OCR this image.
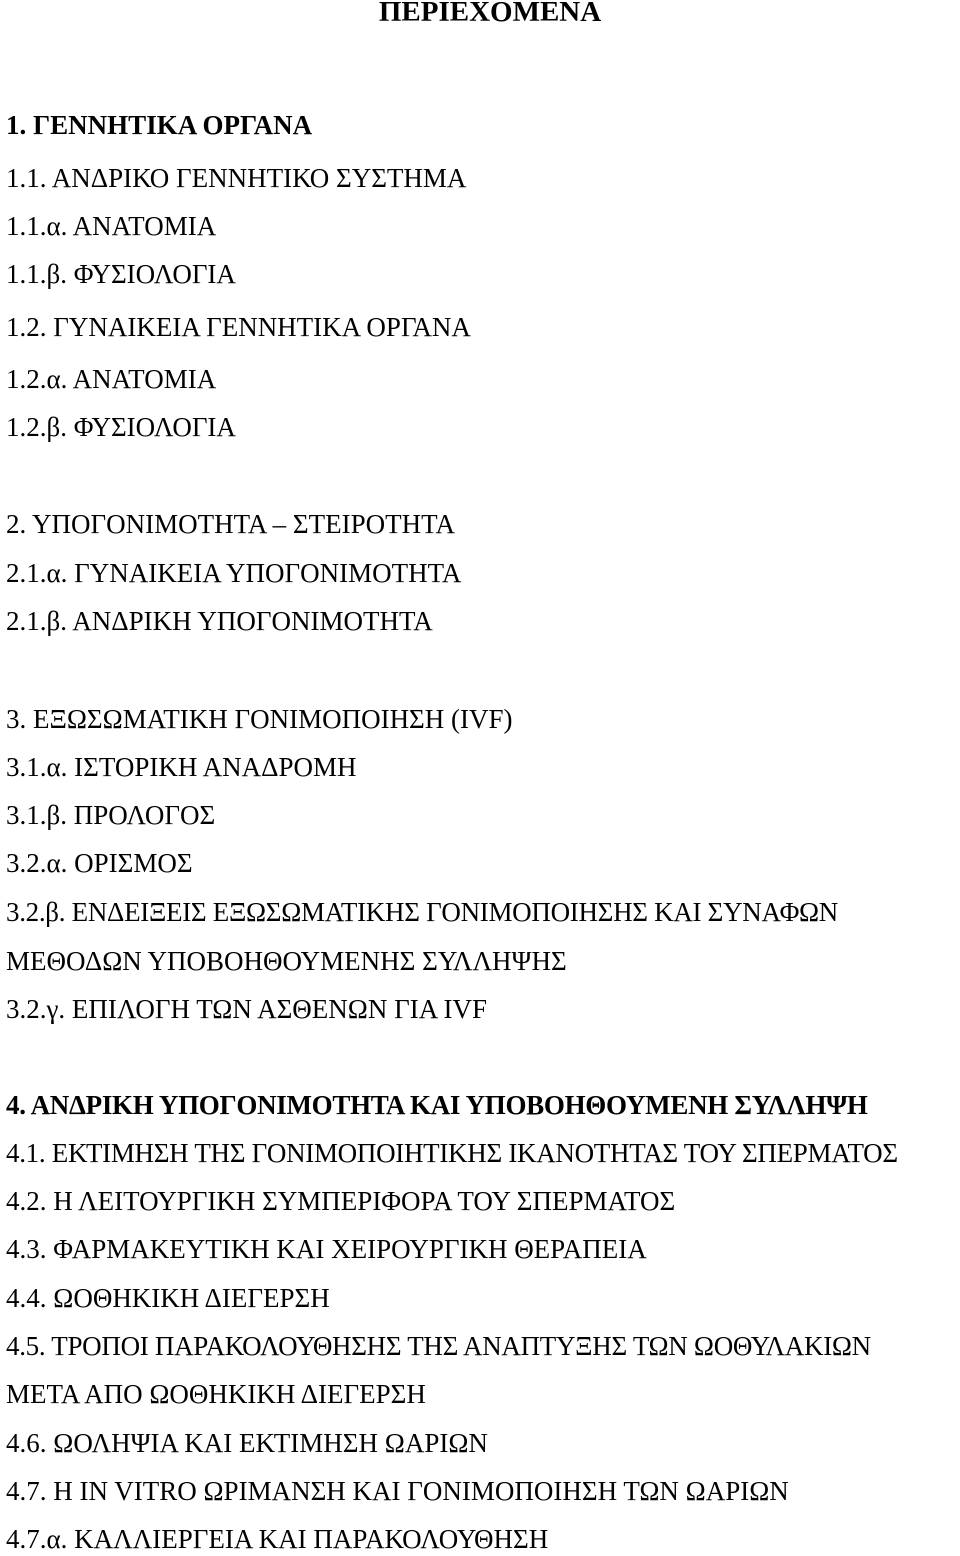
ΠΕΡΙΕΧΟΜΕΝΑ
1. ΓΕΝΝΗΤΙΚΑ ΟΡΓΑΝΑ
1.1. ΑΝΔΡΙΚΟ ΓΕΝΝΗΤΙΚΟ ΣΥΣΤΗΜΑ
1.1.α. ΑΝΑΤΟΜΙΑ
1.1.β. ΦΥΣΙΟΛΟΓΙΑ
1.2. ΓΥΝΑΙΚΕΙΑ ΓΕΝΝΗΤΙΚΑ ΟΡΓΑΝΑ
1.2.α. ΑΝΑΤΟΜΙΑ
1.2.β. ΦΥΣΙΟΛΟΓΙΑ
2. ΥΠΟΓΟΝΙΜΟΤΗΤΑ – ΣΤΕΙΡΟΤΗΤΑ
2.1.α. ΓΥΝΑΙΚΕΙΑ ΥΠΟΓΟΝΙΜΟΤΗΤΑ
2.1.β. ΑΝΔΡΙΚΗ ΥΠΟΓΟΝΙΜΟΤΗΤΑ
3. ΕΞΩΣΩΜΑΤΙΚΗ ΓΟΝΙΜΟΠΟΙΗΣΗ (IVF)
3.1.α. ΙΣΤΟΡΙΚΗ ΑΝΑΔΡΟΜΗ
3.1.β. ΠΡΟΛΟΓΟΣ
3.2.α. ΟΡΙΣΜΟΣ
3.2.β. ΕΝΔΕΙΞΕΙΣ ΕΞΩΣΩΜΑΤΙΚΗΣ ΓΟΝΙΜΟΠΟΙΗΣΗΣ ΚΑΙ ΣΥΝΑΦΩΝ
ΜΕΘΟΔΩΝ ΥΠΟΒΟΗΘΟΥΜΕΝΗΣ ΣΥΛΛΗΨΗΣ
3.2.γ. ΕΠΙΛΟΓΗ ΤΩΝ ΑΣΘΕΝΩΝ ΓΙΑ IVF
4. ΑΝΔΡΙΚΗ ΥΠΟΓΟΝΙΜΟΤΗΤΑ ΚΑΙ ΥΠΟΒΟΗΘΟΥΜΕΝΗ ΣΥΛΛΗΨΗ
4.1. ΕΚΤΙΜΗΣΗ ΤΗΣ ΓΟΝΙΜΟΠΟΙΗΤΙΚΗΣ ΙΚΑΝΟΤΗΤΑΣ ΤΟΥ ΣΠΕΡΜΑΤΟΣ
4.2. Η ΛΕΙΤΟΥΡΓΙΚΗ ΣΥΜΠΕΡΙΦΟΡΑ ΤΟΥ ΣΠΕΡΜΑΤΟΣ
4.3. ΦΑΡΜΑΚΕΥΤΙΚΗ ΚΑΙ ΧΕΙΡΟΥΡΓΙΚΗ ΘΕΡΑΠΕΙΑ
4.4. ΩΟΘΗΚΙΚΗ ΔΙΕΓΕΡΣΗ
4.5. ΤΡΟΠΟΙ ΠΑΡΑΚΟΛΟΥΘΗΣΗΣ ΤΗΣ ΑΝΑΠΤΥΞΗΣ ΤΩΝ ΩΟΘΥΛΑΚΙΩΝ
ΜΕΤΑ ΑΠΟ ΩΟΘΗΚΙΚΗ ΔΙΕΓΕΡΣΗ
4.6. ΩΟΛΗΨΙΑ ΚΑΙ ΕΚΤΙΜΗΣΗ ΩΑΡΙΩΝ
4.7. Η IN VITRO ΩΡΙΜΑΝΣΗ ΚΑΙ ΓΟΝΙΜΟΠΟΙΗΣΗ ΤΩΝ ΩΑΡΙΩΝ
4.7.α. ΚΑΛΛΙΕΡΓΕΙΑ ΚΑΙ ΠΑΡΑΚΟΛΟΥΘΗΣΗ
